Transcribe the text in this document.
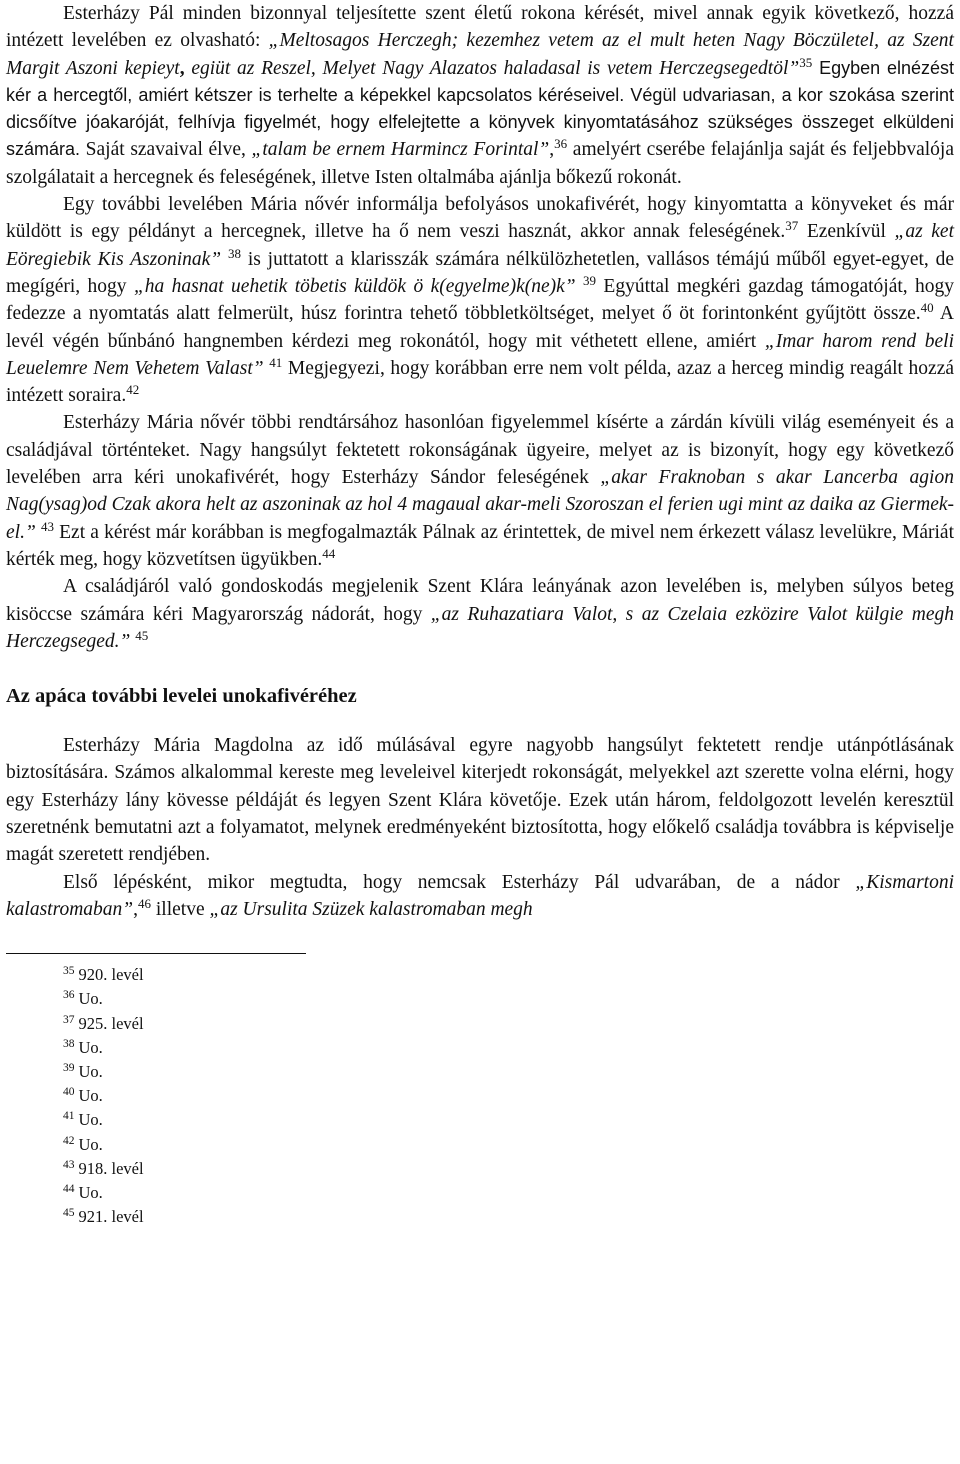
Esterházy Pál minden bizonnyal teljesítette szent életű rokona kérését, mivel annak egyik következő, hozzá intézett levelében ez olvasható: „Meltosagos Herczegh; kezemhez vetem az el mult heten Nagy Böczületel, az Szent Margit Aszoni kepieyt, egiüt az Reszel, Melyet Nagy Alazatos haladasal is vetem Herczegsegedtöl”$^{35}$ Egyben elnézést kér a hercegtől, amiért kétszer is terhelte a képekkel kapcsolatos kéréseivel. Végül udvariasan, a kor szokása szerint dicsőítve jóakaróját, felhívja figyelmét, hogy elfelejtette a könyvek kinyomtatásához szükséges összeget elküldeni számára. Saját szavaival élve, „talam be ernem Harmincz Forintal”,$^{36}$ amelyért cserébe felajánlja saját és feljebbvalója szolgálatait a hercegnek és feleségének, illetve Isten oltalmába ajánlja bőkezű rokonát.

Egy további levelében Mária nővér informálja befolyásos unokafivérét, hogy kinyomtatta a könyveket és már küldött is egy példányt a hercegnek, illetve ha ő nem veszi hasznát, akkor annak feleségének.$^{37}$ Ezenkívül „az ket Eöregiebik Kis Aszoninak” $^{38}$ is juttatott a klarisszák számára nélkülözhetetlen, vallásos témájú műből egyet-egyet, de megígéri, hogy „ha hasnat uehetik töbetis küldök ö k(egyelme)k(ne)k” $^{39}$ Egyúttal megkéri gazdag támogatóját, hogy fedezze a nyomtatás alatt felmerült, húsz forintra tehető többletköltséget, melyet ő öt forintonként gyűjtött össze.$^{40}$ A levél végén bűnbánó hangnemben kérdezi meg rokonától, hogy mit véthetett ellene, amiért „Imar harom rend beli Leuelemre Nem Vehetem Valast” $^{41}$ Megjegyezi, hogy korábban erre nem volt példa, azaz a herceg mindig reagált hozzá intézett soraira.$^{42}$

Esterházy Mária nővér többi rendtársához hasonlóan figyelemmel kísérte a zárdán kívüli világ eseményeit és a családjával történteket. Nagy hangsúlyt fektetett rokonságának ügyeire, melyet az is bizonyít, hogy egy következő levelében arra kéri unokafivérét, hogy Esterházy Sándor feleségének „akar Fraknoban s akar Lancerba agion Nag(ysag)od Czak akora helt az aszoninak az hol 4 magaual akar-meli Szoroszan el ferien ugi mint az daika az Giermek-el.” $^{43}$ Ezt a kérést már korábban is megfogalmazták Pálnak az érintettek, de mivel nem érkezett válasz levelükre, Máriát kérték meg, hogy közvetítsen ügyükben.$^{44}$

A családjáról való gondoskodás megjelenik Szent Klára leányának azon levelében is, melyben súlyos beteg kisöccse számára kéri Magyarország nádorát, hogy „az Ruhazatiara Valot, s az Czelaia ezközire Valot külgie megh Herczegseged.” $^{45}$

Az apáca további levelei unokafivéréhez

Esterházy Mária Magdolna az idő múlásával egyre nagyobb hangsúlyt fektetett rendje utánpótlásának biztosítására. Számos alkalommal kereste meg leveleivel kiterjedt rokonságát, melyekkel azt szerette volna elérni, hogy egy Esterházy lány kövesse példáját és legyen Szent Klára követője. Ezek után három, feldolgozott levelén keresztül szeretnénk bemutatni azt a folyamatot, melynek eredményeként biztosította, hogy előkelő családja továbbra is képviselje magát szeretett rendjében.

Első lépésként, mikor megtudta, hogy nemcsak Esterházy Pál udvarában, de a nádor „Kismartoni kalastromaban”,$^{46}$ illetve „az Ursulita Szüzek kalastromaban megh

$^{35}$ 920. levél
$^{36}$ Uo.
$^{37}$ 925. levél
$^{38}$ Uo.
$^{39}$ Uo.
$^{40}$ Uo.
$^{41}$ Uo.
$^{42}$ Uo.
$^{43}$ 918. levél
$^{44}$ Uo.
$^{45}$ 921. levél
